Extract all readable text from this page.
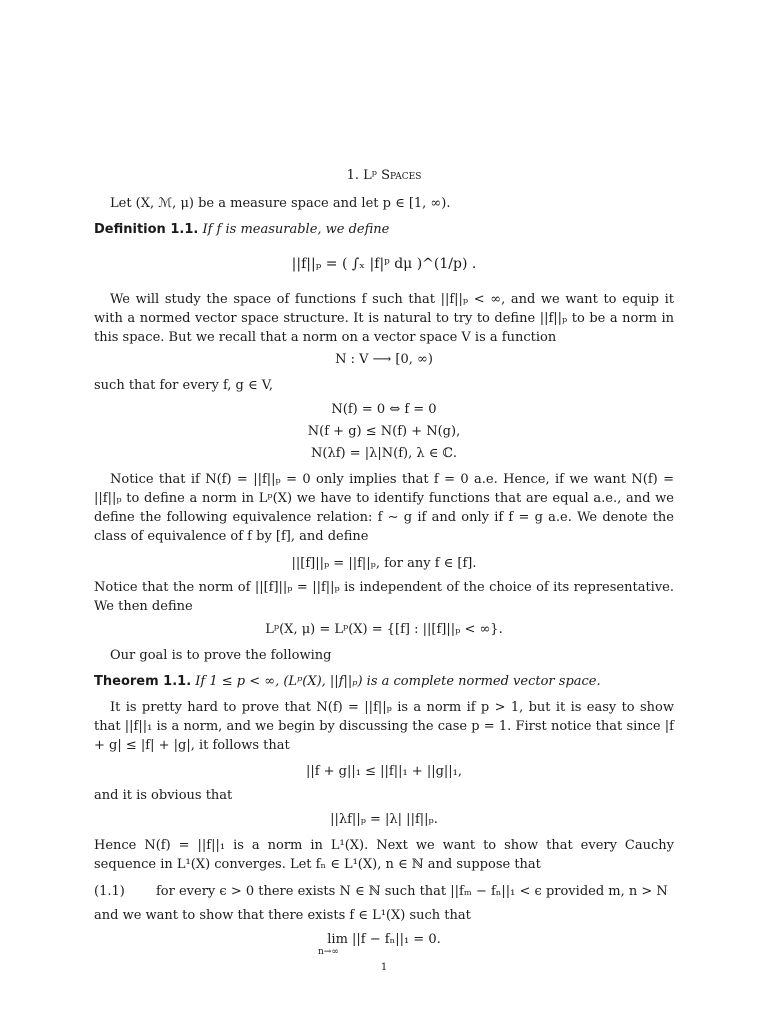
1. Lᵖ Spaces
Let (X, ℳ, μ) be a measure space and let p ∈ [1, ∞).
Definition 1.1. If f is measurable, we define
||f||ₚ = ( ∫ₓ |f|ᵖ dμ )^(1/p) .
We will study the space of functions f such that ||f||ₚ < ∞, and we want to equip it with a normed vector space structure. It is natural to try to define ||f||ₚ to be a norm in this space. But we recall that a norm on a vector space V is a function
N : V ⟶ [0, ∞)
such that for every f, g ∈ V,
N(f) = 0 ⇔ f = 0
N(f + g) ≤ N(f) + N(g),
N(λf) = |λ|N(f), λ ∈ ℂ.
Notice that if N(f) = ||f||ₚ = 0 only implies that f = 0 a.e. Hence, if we want N(f) = ||f||ₚ to define a norm in Lᵖ(X) we have to identify functions that are equal a.e., and we define the following equivalence relation: f ∼ g if and only if f = g a.e. We denote the class of equivalence of f by [f], and define
||[f]||ₚ = ||f||ₚ, for any f ∈ [f].
Notice that the norm of ||[f]||ₚ = ||f||ₚ is independent of the choice of its representative. We then define
Lᵖ(X, μ) = Lᵖ(X) = {[f] : ||[f]||ₚ < ∞}.
Our goal is to prove the following
Theorem 1.1. If 1 ≤ p < ∞, (Lᵖ(X), ||f||ₚ) is a complete normed vector space.
It is pretty hard to prove that N(f) = ||f||ₚ is a norm if p > 1, but it is easy to show that ||f||₁ is a norm, and we begin by discussing the case p = 1. First notice that since |f + g| ≤ |f| + |g|, it follows that
||f + g||₁ ≤ ||f||₁ + ||g||₁,
and it is obvious that
||λf||ₚ = |λ| ||f||ₚ.
Hence N(f) = ||f||₁ is a norm in L¹(X). Next we want to show that every Cauchy sequence in L¹(X) converges. Let fₙ ∈ L¹(X), n ∈ ℕ and suppose that
(1.1) for every ϵ > 0 there exists N ∈ ℕ such that ||fₘ − fₙ||₁ < ϵ provided m, n > N
and we want to show that there exists f ∈ L¹(X) such that
lim ||f − fₙ||₁ = 0.
n→∞
1
